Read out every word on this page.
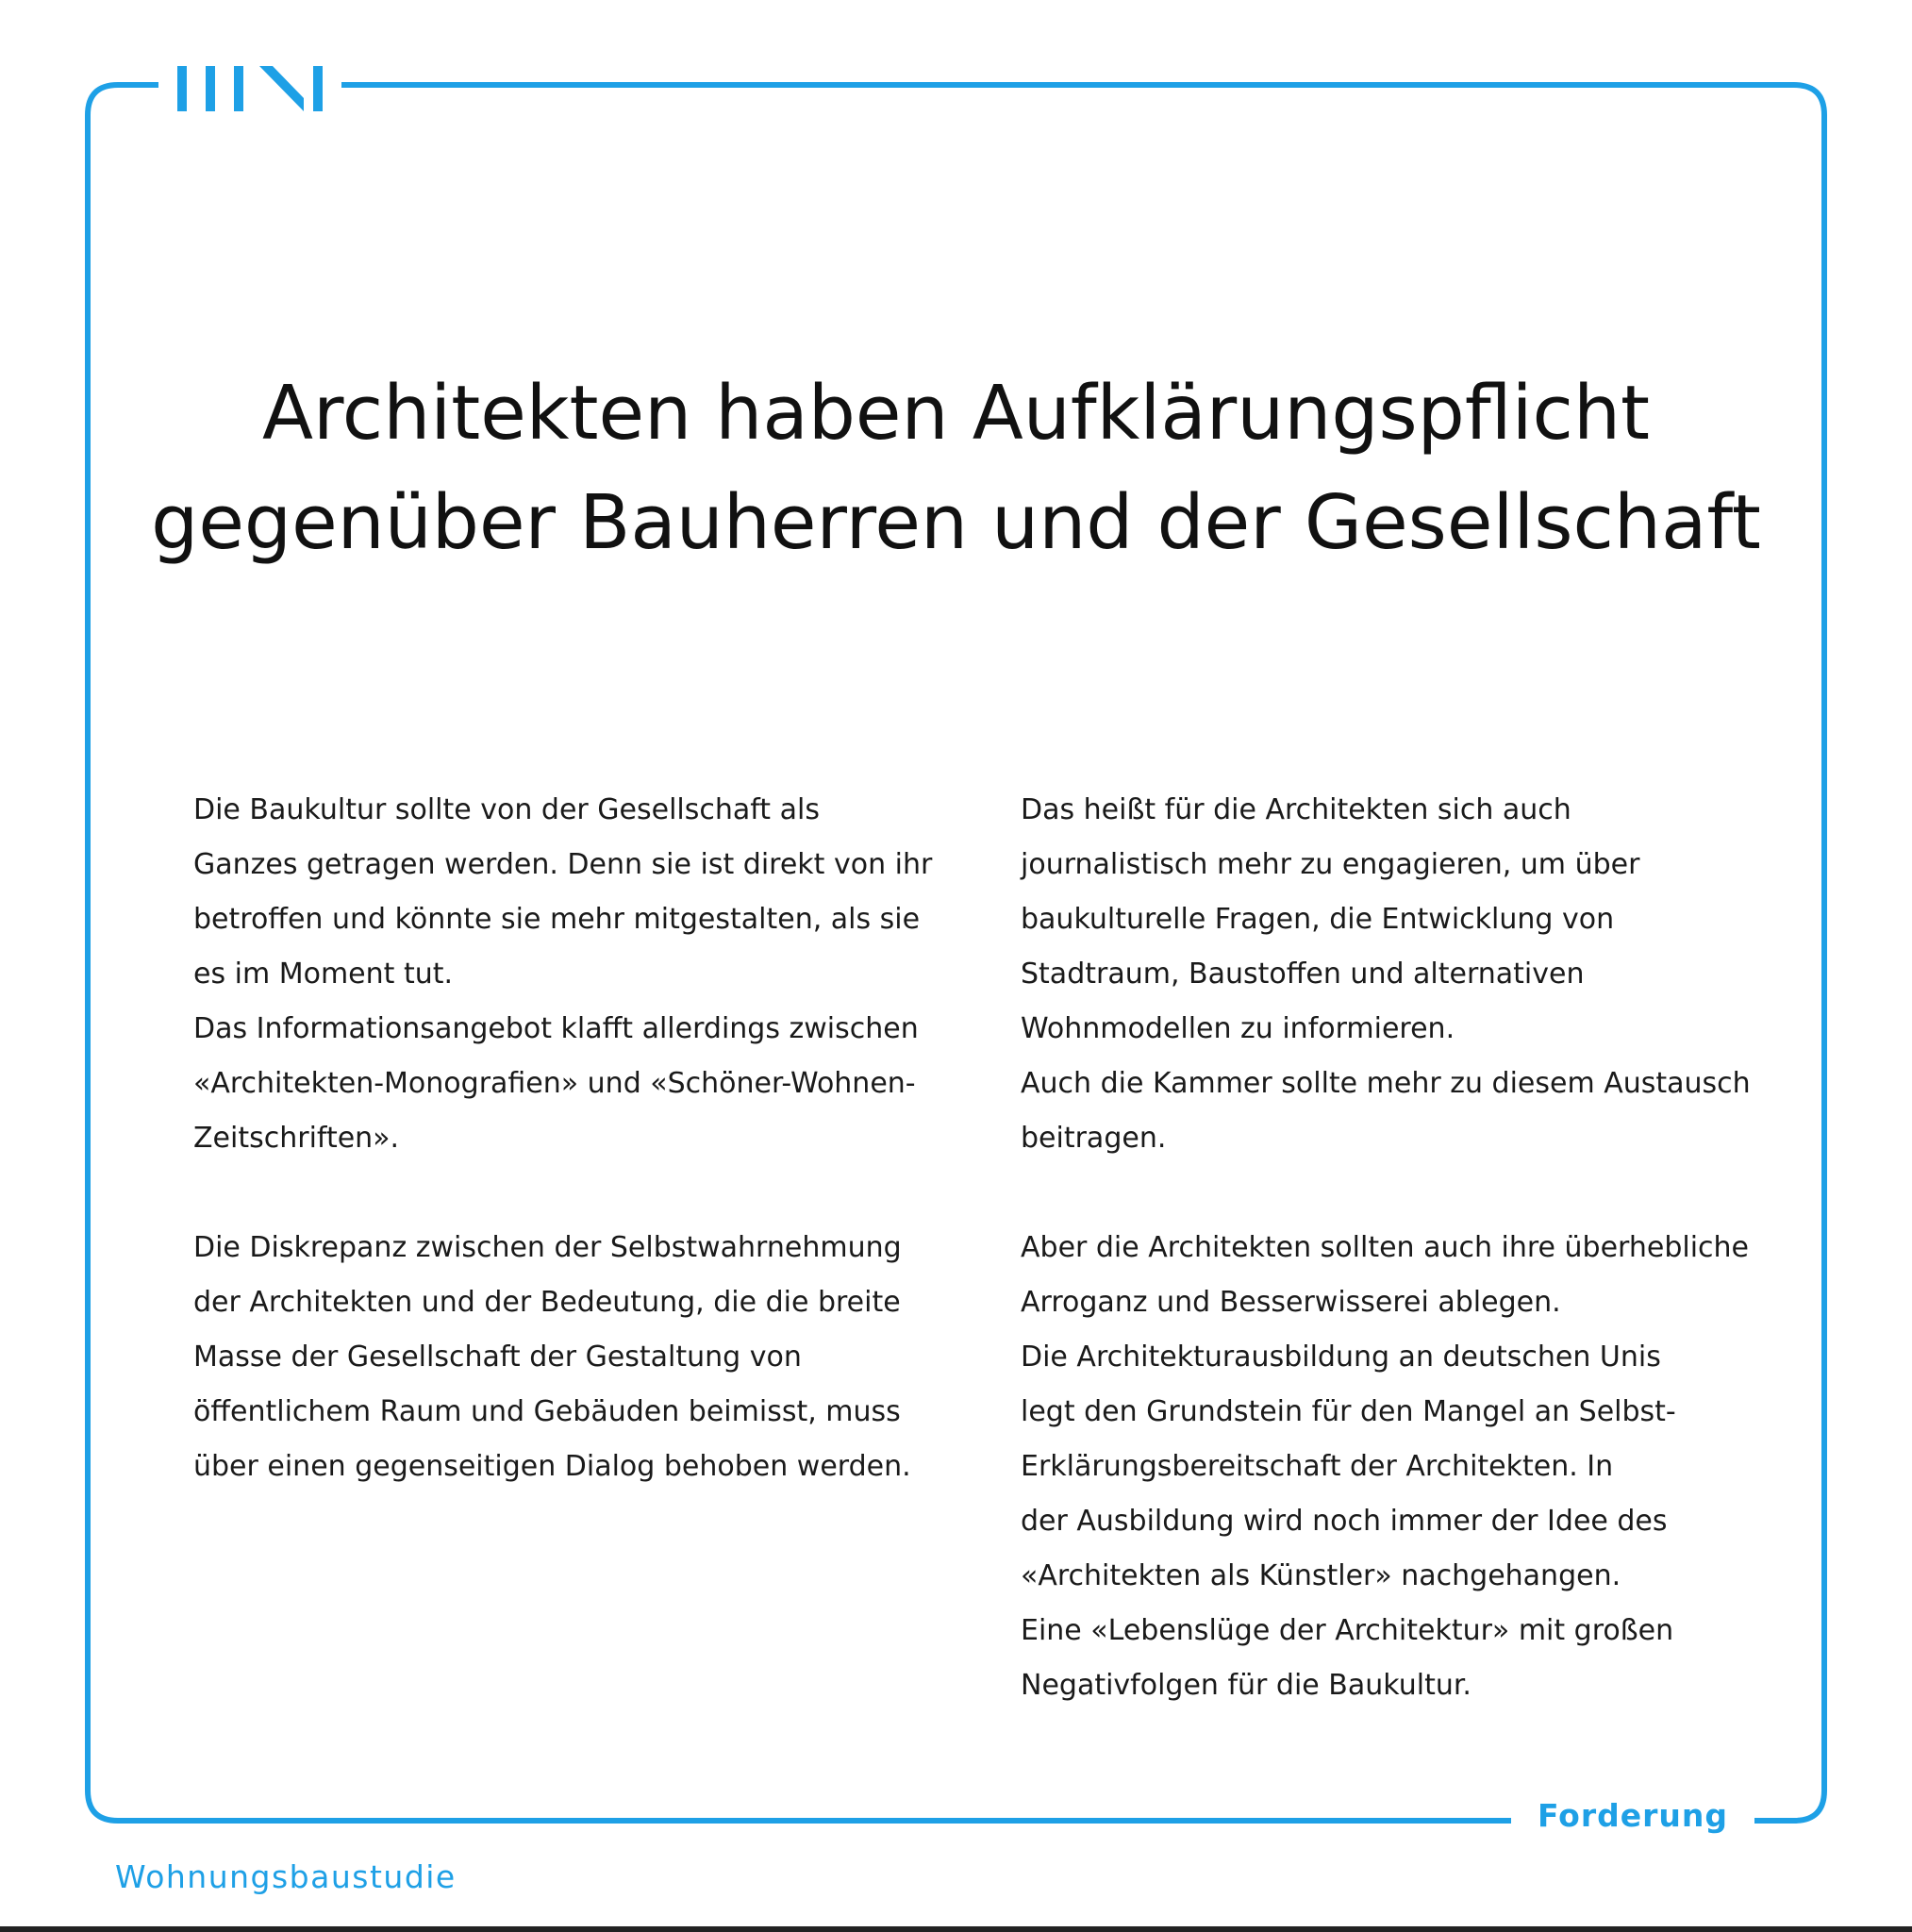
Architekten haben Aufklärungspflicht
gegenüber Bauherren und der Gesellschaft

Die Baukultur sollte von der Gesellschaft als
Ganzes getragen werden. Denn sie ist direkt von ihr
betroffen und könnte sie mehr mitgestalten, als sie
es im Moment tut.
Das Informationsangebot klafft allerdings zwischen
«Architekten-Monografien» und «Schöner-Wohnen-
Zeitschriften».

Die Diskrepanz zwischen der Selbstwahrnehmung
der Architekten und der Bedeutung, die die breite
Masse der Gesellschaft der Gestaltung von
öffentlichem Raum und Gebäuden beimisst, muss
über einen gegenseitigen Dialog behoben werden.

Das heißt für die Architekten sich auch
journalistisch mehr zu engagieren, um über
baukulturelle Fragen, die Entwicklung von
Stadtraum, Baustoffen und alternativen
Wohnmodellen zu informieren.
Auch die Kammer sollte mehr zu diesem Austausch
beitragen.

Aber die Architekten sollten auch ihre überhebliche
Arroganz und Besserwisserei ablegen.
Die Architekturausbildung an deutschen Unis
legt den Grundstein für den Mangel an Selbst-
Erklärungsbereitschaft der Architekten. In
der Ausbildung wird noch immer der Idee des
«Architekten als Künstler» nachgehangen.
Eine «Lebenslüge der Architektur» mit großen
Negativfolgen für die Baukultur.

Forderung
Wohnungsbaustudie
